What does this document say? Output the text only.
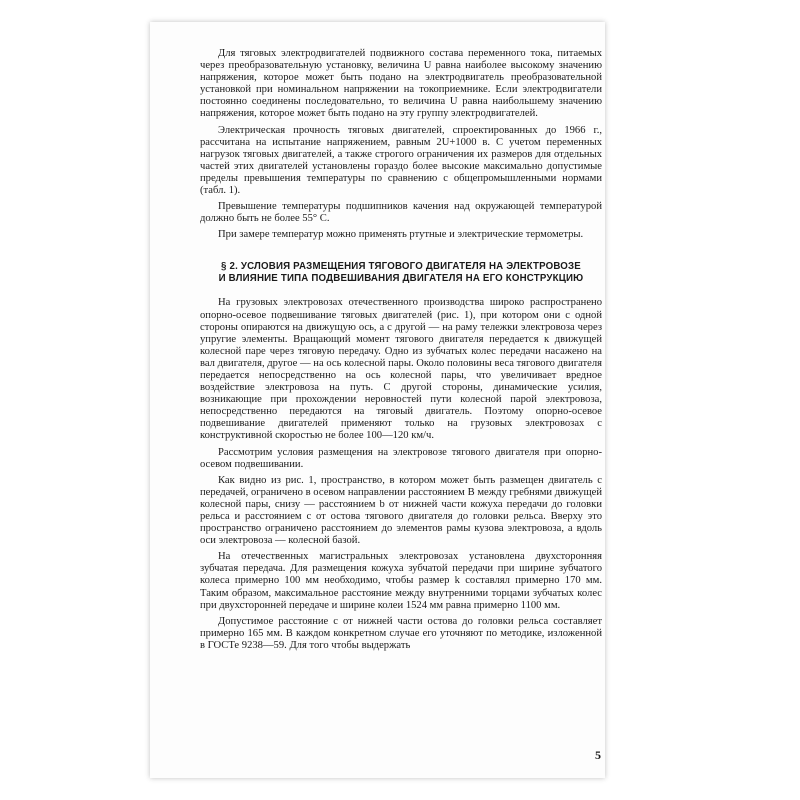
Для тяговых электродвигателей подвижного состава переменного тока, питаемых через преобразовательную установку, величина U равна наиболее высокому значению напряжения, которое может быть подано на электродвигатель преобразовательной установкой при номинальном напряжении на токоприемнике. Если электродвигатели постоянно соединены последовательно, то величина U равна наибольшему значению напряжения, которое может быть подано на эту группу электродвигателей.

Электрическая прочность тяговых двигателей, спроектированных до 1966 г., рассчитана на испытание напряжением, равным 2U+1000 в. С учетом переменных нагрузок тяговых двигателей, а также строгого ограничения их размеров для отдельных частей этих двигателей установлены гораздо более высокие максимально допустимые пределы превышения температуры по сравнению с общепромышленными нормами (табл. 1).

Превышение температуры подшипников качения над окружающей температурой должно быть не более 55° С.

При замере температур можно применять ртутные и электрические термометры.

§ 2. УСЛОВИЯ РАЗМЕЩЕНИЯ ТЯГОВОГО ДВИГАТЕЛЯ НА ЭЛЕКТРОВОЗЕ
И ВЛИЯНИЕ ТИПА ПОДВЕШИВАНИЯ ДВИГАТЕЛЯ НА ЕГО КОНСТРУКЦИЮ

На грузовых электровозах отечественного производства широко распространено опорно-осевое подвешивание тяговых двигателей (рис. 1), при котором они с одной стороны опираются на движущую ось, а с другой — на раму тележки электровоза через упругие элементы. Вращающий момент тягового двигателя передается к движущей колесной паре через тяговую передачу. Одно из зубчатых колес передачи насажено на вал двигателя, другое — на ось колесной пары. Около половины веса тягового двигателя передается непосредственно на ось колесной пары, что увеличивает вредное воздействие электровоза на путь. С другой стороны, динамические усилия, возникающие при прохождении неровностей пути колесной парой электровоза, непосредственно передаются на тяговый двигатель. Поэтому опорно-осевое подвешивание двигателей применяют только на грузовых электровозах с конструктивной скоростью не более 100—120 км/ч.

Рассмотрим условия размещения на электровозе тягового двигателя при опорно-осевом подвешивании.

Как видно из рис. 1, пространство, в котором может быть размещен двигатель с передачей, ограничено в осевом направлении расстоянием B между гребнями движущей колесной пары, снизу — расстоянием b от нижней части кожуха передачи до головки рельса и расстоянием c от остова тягового двигателя до головки рельса. Вверху это пространство ограничено расстоянием до элементов рамы кузова электровоза, а вдоль оси электровоза — колесной базой.

На отечественных магистральных электровозах установлена двухсторонняя зубчатая передача. Для размещения кожуха зубчатой передачи при ширине зубчатого колеса примерно 100 мм необходимо, чтобы размер k составлял примерно 170 мм. Таким образом, максимальное расстояние между внутренними торцами зубчатых колес при двухсторонней передаче и ширине колеи 1524 мм равна примерно 1100 мм.

Допустимое расстояние c от нижней части остова до головки рельса составляет примерно 165 мм. В каждом конкретном случае его уточняют по методике, изложенной в ГОСТе 9238—59. Для того чтобы выдержать

5
